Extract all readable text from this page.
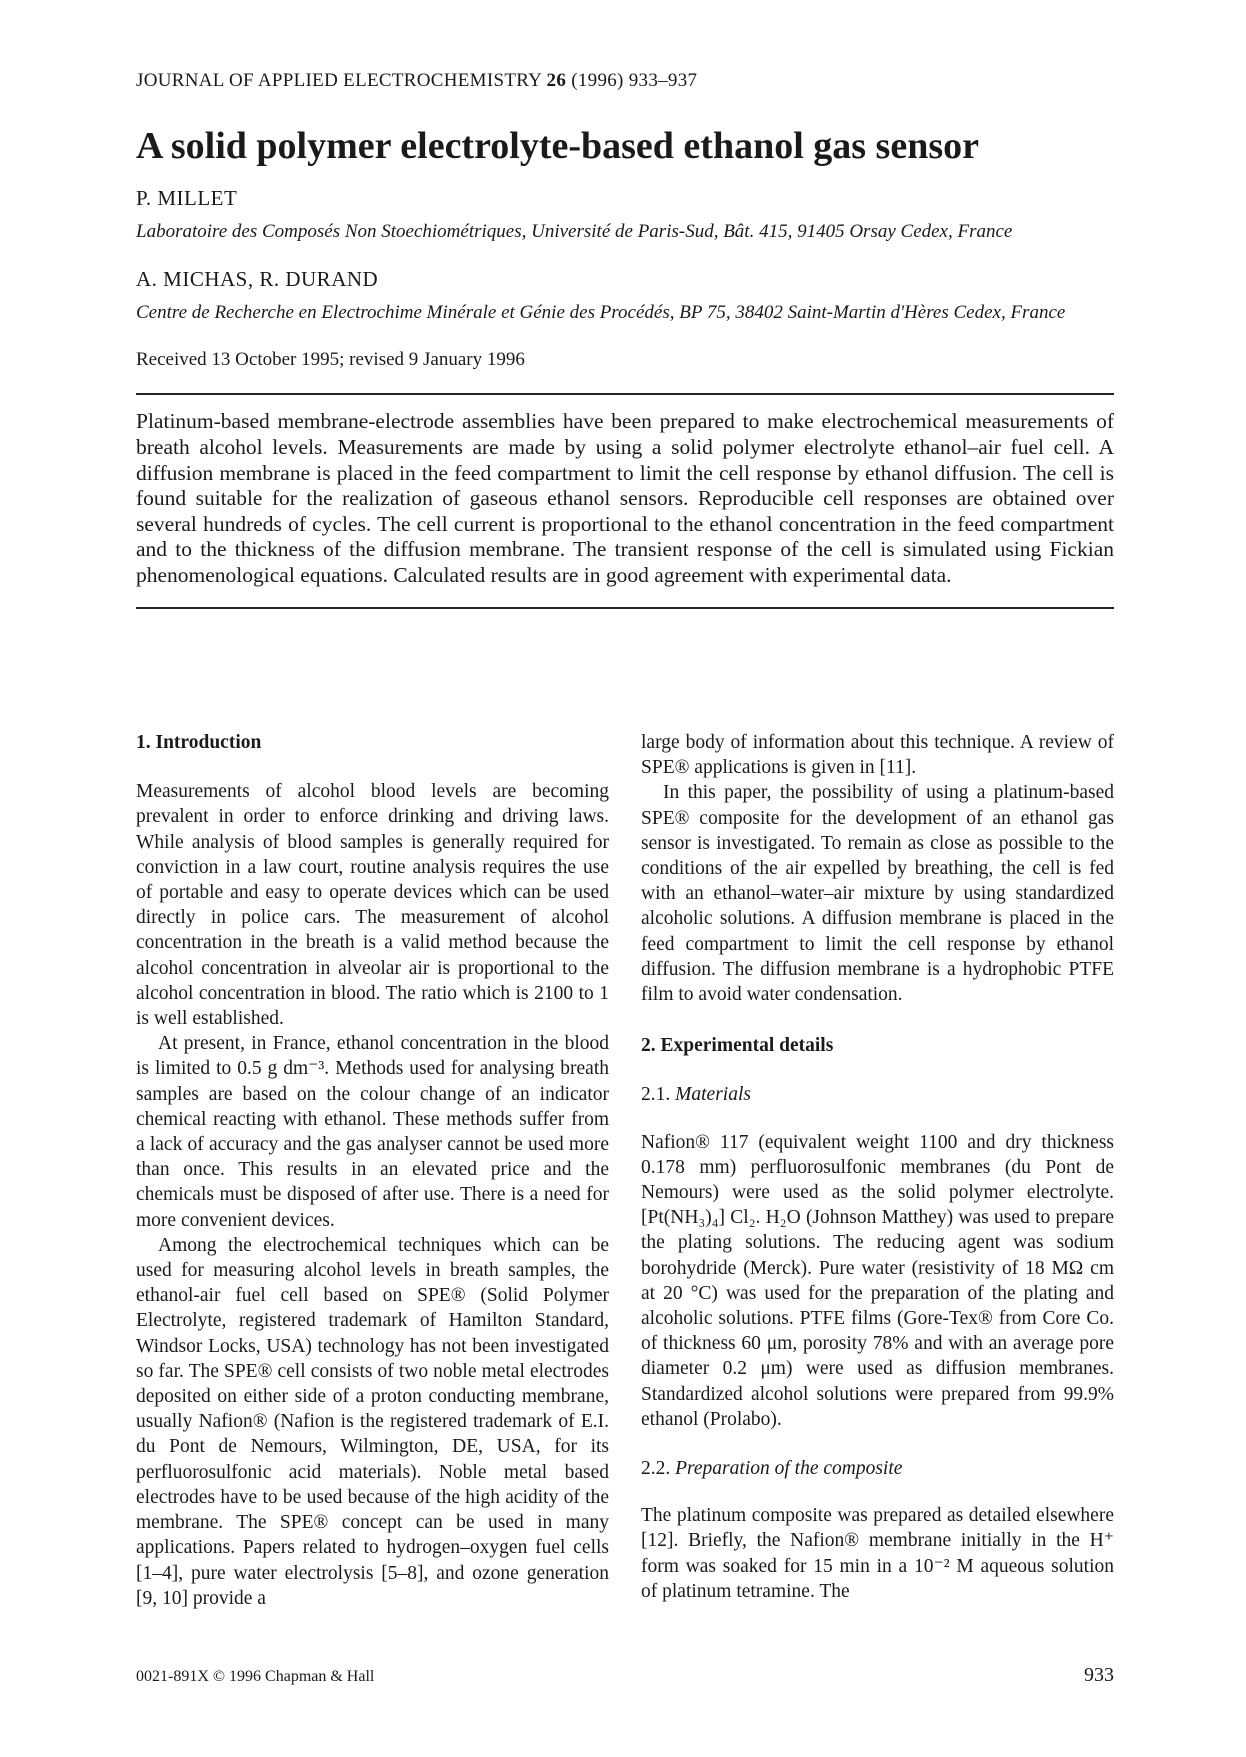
JOURNAL OF APPLIED ELECTROCHEMISTRY 26 (1996) 933–937

A solid polymer electrolyte-based ethanol gas sensor

P. MILLET

Laboratoire des Composés Non Stoechiométriques, Université de Paris-Sud, Bât. 415, 91405 Orsay Cedex, France

A. MICHAS, R. DURAND

Centre de Recherche en Electrochime Minérale et Génie des Procédés, BP 75, 38402 Saint-Martin d'Hères Cedex, France

Received 13 October 1995; revised 9 January 1996

Platinum-based membrane-electrode assemblies have been prepared to make electrochemical measurements of breath alcohol levels. Measurements are made by using a solid polymer electrolyte ethanol–air fuel cell. A diffusion membrane is placed in the feed compartment to limit the cell response by ethanol diffusion. The cell is found suitable for the realization of gaseous ethanol sensors. Reproducible cell responses are obtained over several hundreds of cycles. The cell current is proportional to the ethanol concentration in the feed compartment and to the thickness of the diffusion membrane. The transient response of the cell is simulated using Fickian phenomenological equations. Calculated results are in good agreement with experimental data.

1. Introduction

Measurements of alcohol blood levels are becoming prevalent in order to enforce drinking and driving laws. While analysis of blood samples is generally required for conviction in a law court, routine analysis requires the use of portable and easy to operate devices which can be used directly in police cars. The measurement of alcohol concentration in the breath is a valid method because the alcohol concentration in alveolar air is proportional to the alcohol concentration in blood. The ratio which is 2100 to 1 is well established.

At present, in France, ethanol concentration in the blood is limited to 0.5 g dm⁻³. Methods used for analysing breath samples are based on the colour change of an indicator chemical reacting with ethanol. These methods suffer from a lack of accuracy and the gas analyser cannot be used more than once. This results in an elevated price and the chemicals must be disposed of after use. There is a need for more convenient devices.

Among the electrochemical techniques which can be used for measuring alcohol levels in breath samples, the ethanol-air fuel cell based on SPE® (Solid Polymer Electrolyte, registered trademark of Hamilton Standard, Windsor Locks, USA) technology has not been investigated so far. The SPE® cell consists of two noble metal electrodes deposited on either side of a proton conducting membrane, usually Nafion® (Nafion is the registered trademark of E.I. du Pont de Nemours, Wilmington, DE, USA, for its perfluorosulfonic acid materials). Noble metal based electrodes have to be used because of the high acidity of the membrane. The SPE® concept can be used in many applications. Papers related to hydrogen–oxygen fuel cells [1–4], pure water electrolysis [5–8], and ozone generation [9, 10] provide a

large body of information about this technique. A review of SPE® applications is given in [11].

In this paper, the possibility of using a platinum-based SPE® composite for the development of an ethanol gas sensor is investigated. To remain as close as possible to the conditions of the air expelled by breathing, the cell is fed with an ethanol–water–air mixture by using standardized alcoholic solutions. A diffusion membrane is placed in the feed compartment to limit the cell response by ethanol diffusion. The diffusion membrane is a hydrophobic PTFE film to avoid water condensation.

2. Experimental details
2.1. Materials

Nafion® 117 (equivalent weight 1100 and dry thickness 0.178 mm) perfluorosulfonic membranes (du Pont de Nemours) were used as the solid polymer electrolyte. [Pt(NH₃)₄] Cl₂. H₂O (Johnson Matthey) was used to prepare the plating solutions. The reducing agent was sodium borohydride (Merck). Pure water (resistivity of 18 MΩ cm at 20 °C) was used for the preparation of the plating and alcoholic solutions. PTFE films (Gore-Tex® from Core Co. of thickness 60 μm, porosity 78% and with an average pore diameter 0.2 μm) were used as diffusion membranes. Standardized alcohol solutions were prepared from 99.9% ethanol (Prolabo).

2.2. Preparation of the composite

The platinum composite was prepared as detailed elsewhere [12]. Briefly, the Nafion® membrane initially in the H⁺ form was soaked for 15 min in a 10⁻² M aqueous solution of platinum tetramine. The

0021-891X © 1996 Chapman & Hall	933
